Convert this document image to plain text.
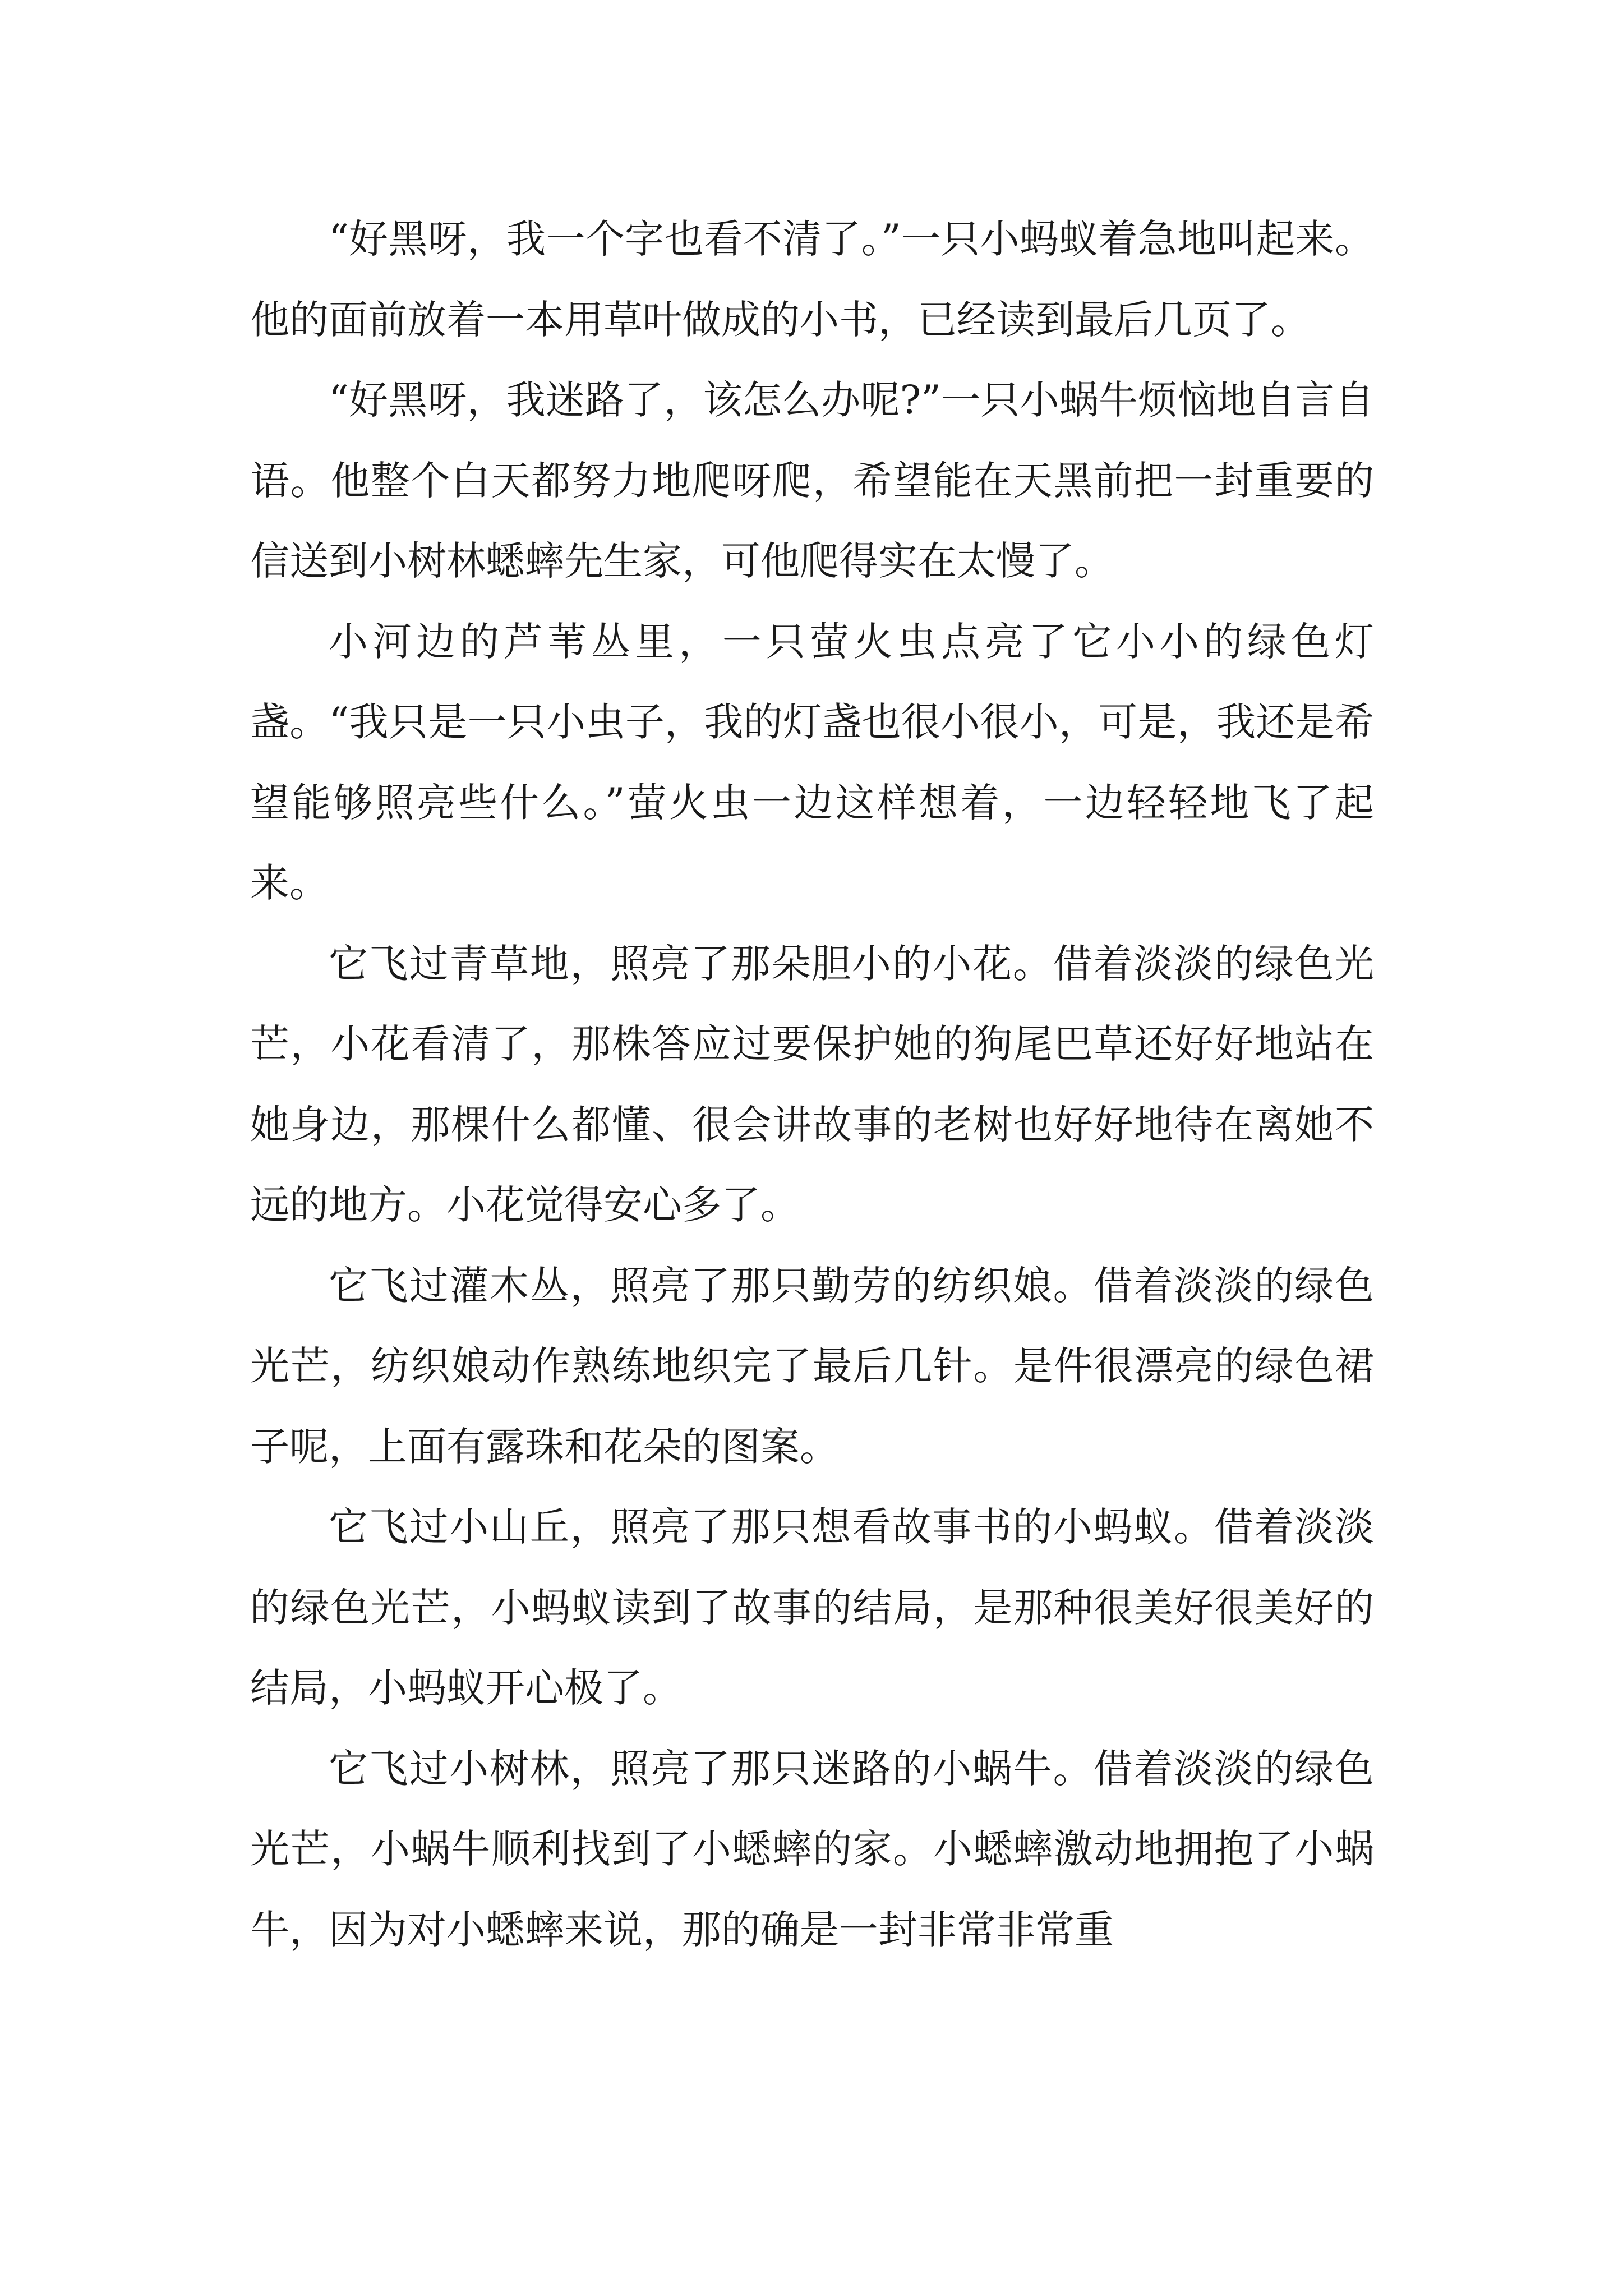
“好黑呀，我一个字也看不清了。”一只小蚂蚁着急地叫起来。他的面前放着一本用草叶做成的小书，已经读到最后几页了。

“好黑呀，我迷路了，该怎么办呢?”一只小蜗牛烦恼地自言自语。他整个白天都努力地爬呀爬，希望能在天黑前把一封重要的信送到小树林蟋蟀先生家，可他爬得实在太慢了。

小河边的芦苇丛里，一只萤火虫点亮了它小小的绿色灯盏。“我只是一只小虫子，我的灯盏也很小很小，可是，我还是希望能够照亮些什么。”萤火虫一边这样想着，一边轻轻地飞了起来。

它飞过青草地，照亮了那朵胆小的小花。借着淡淡的绿色光芒，小花看清了，那株答应过要保护她的狗尾巴草还好好地站在她身边，那棵什么都懂、很会讲故事的老树也好好地待在离她不远的地方。小花觉得安心多了。

它飞过灌木丛，照亮了那只勤劳的纺织娘。借着淡淡的绿色光芒，纺织娘动作熟练地织完了最后几针。是件很漂亮的绿色裙子呢，上面有露珠和花朵的图案。

它飞过小山丘，照亮了那只想看故事书的小蚂蚁。借着淡淡的绿色光芒，小蚂蚁读到了故事的结局，是那种很美好很美好的结局，小蚂蚁开心极了。

它飞过小树林，照亮了那只迷路的小蜗牛。借着淡淡的绿色光芒，小蜗牛顺利找到了小蟋蟀的家。小蟋蟀激动地拥抱了小蜗牛，因为对小蟋蟀来说，那的确是一封非常非常重
